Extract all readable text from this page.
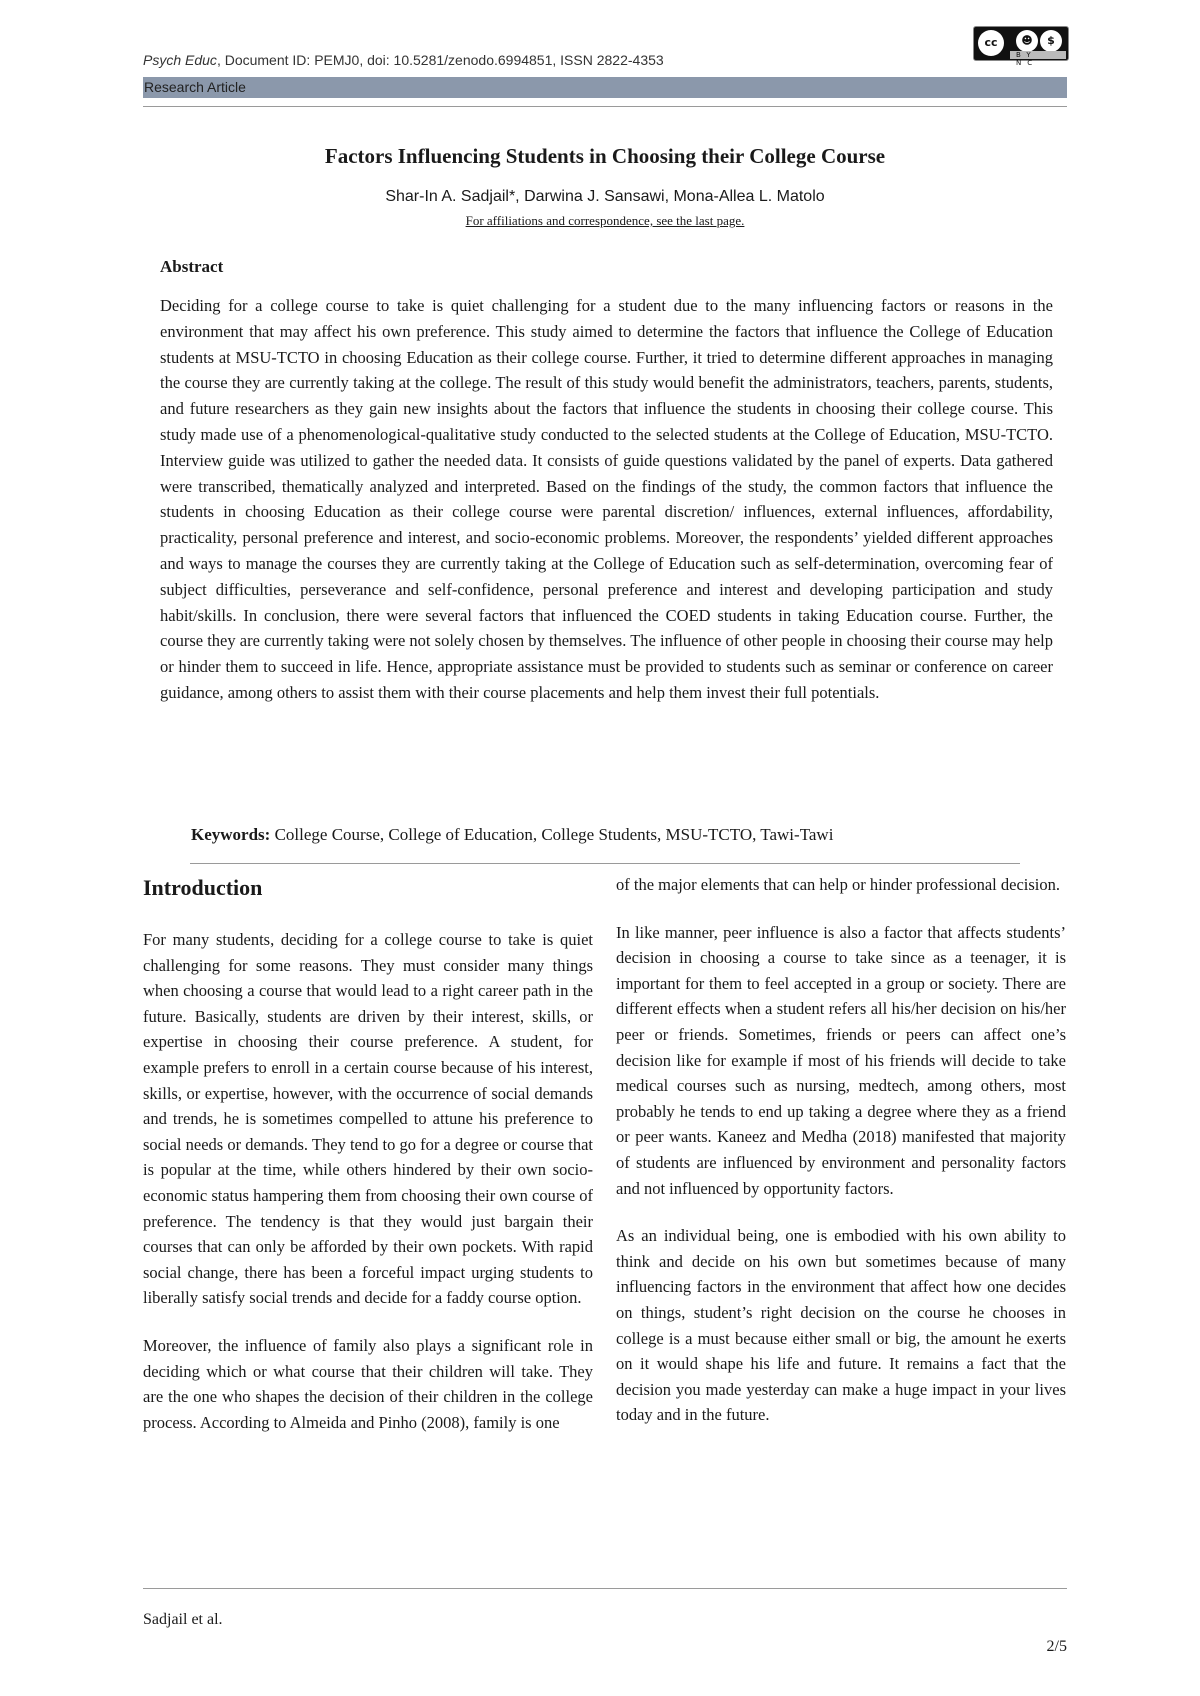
Psych Educ, Document ID: PEMJ0, doi: 10.5281/zenodo.6994851, ISSN 2822-4353
cc	☻	$
BY NC
Research Article
Factors Influencing Students in Choosing their College Course
Shar-In A. Sadjail*, Darwina J. Sansawi, Mona-Allea L. Matolo
For affiliations and correspondence, see the last page.
Abstract

Deciding for a college course to take is quiet challenging for a student due to the many influencing factors or reasons in the environment that may affect his own preference. This study aimed to determine the factors that influence the College of Education students at MSU-TCTO in choosing Education as their college course. Further, it tried to determine different approaches in managing the course they are currently taking at the college. The result of this study would benefit the administrators, teachers, parents, students, and future researchers as they gain new insights about the factors that influence the students in choosing their college course. This study made use of a phenomenological-qualitative study conducted to the selected students at the College of Education, MSU-TCTO. Interview guide was utilized to gather the needed data. It consists of guide questions validated by the panel of experts. Data gathered were transcribed, thematically analyzed and interpreted. Based on the findings of the study, the common factors that influence the students in choosing Education as their college course were parental discretion/ influences, external influences, affordability, practicality, personal preference and interest, and socio-economic problems. Moreover, the respondents’ yielded different approaches and ways to manage the courses they are currently taking at the College of Education such as self-determination, overcoming fear of subject difficulties, perseverance and self-confidence, personal preference and interest and developing participation and study habit/skills. In conclusion, there were several factors that influenced the COED students in taking Education course. Further, the course they are currently taking were not solely chosen by themselves. The influence of other people in choosing their course may help or hinder them to succeed in life. Hence, appropriate assistance must be provided to students such as seminar or conference on career guidance, among others to assist them with their course placements and help them invest their full potentials.

Keywords: College Course, College of Education, College Students, MSU-TCTO, Tawi-Tawi
Introduction

For many students, deciding for a college course to take is quiet challenging for some reasons. They must consider many things when choosing a course that would lead to a right career path in the future. Basically, students are driven by their interest, skills, or expertise in choosing their course preference. A student, for example prefers to enroll in a certain course because of his interest, skills, or expertise, however, with the occurrence of social demands and trends, he is sometimes compelled to attune his preference to social needs or demands. They tend to go for a degree or course that is popular at the time, while others hindered by their own socio-economic status hampering them from choosing their own course of preference. The tendency is that they would just bargain their courses that can only be afforded by their own pockets. With rapid social change, there has been a forceful impact urging students to liberally satisfy social trends and decide for a faddy course option.

Moreover, the influence of family also plays a significant role in deciding which or what course that their children will take. They are the one who shapes the decision of their children in the college process. According to Almeida and Pinho (2008), family is one

of the major elements that can help or hinder professional decision.

In like manner, peer influence is also a factor that affects students’ decision in choosing a course to take since as a teenager, it is important for them to feel accepted in a group or society. There are different effects when a student refers all his/her decision on his/her peer or friends. Sometimes, friends or peers can affect one’s decision like for example if most of his friends will decide to take medical courses such as nursing, medtech, among others, most probably he tends to end up taking a degree where they as a friend or peer wants. Kaneez and Medha (2018) manifested that majority of students are influenced by environment and personality factors and not influenced by opportunity factors.

As an individual being, one is embodied with his own ability to think and decide on his own but sometimes because of many influencing factors in the environment that affect how one decides on things, student’s right decision on the course he chooses in college is a must because either small or big, the amount he exerts on it would shape his life and future. It remains a fact that the decision you made yesterday can make a huge impact in your lives today and in the future.

Sadjail et al.
2/5
